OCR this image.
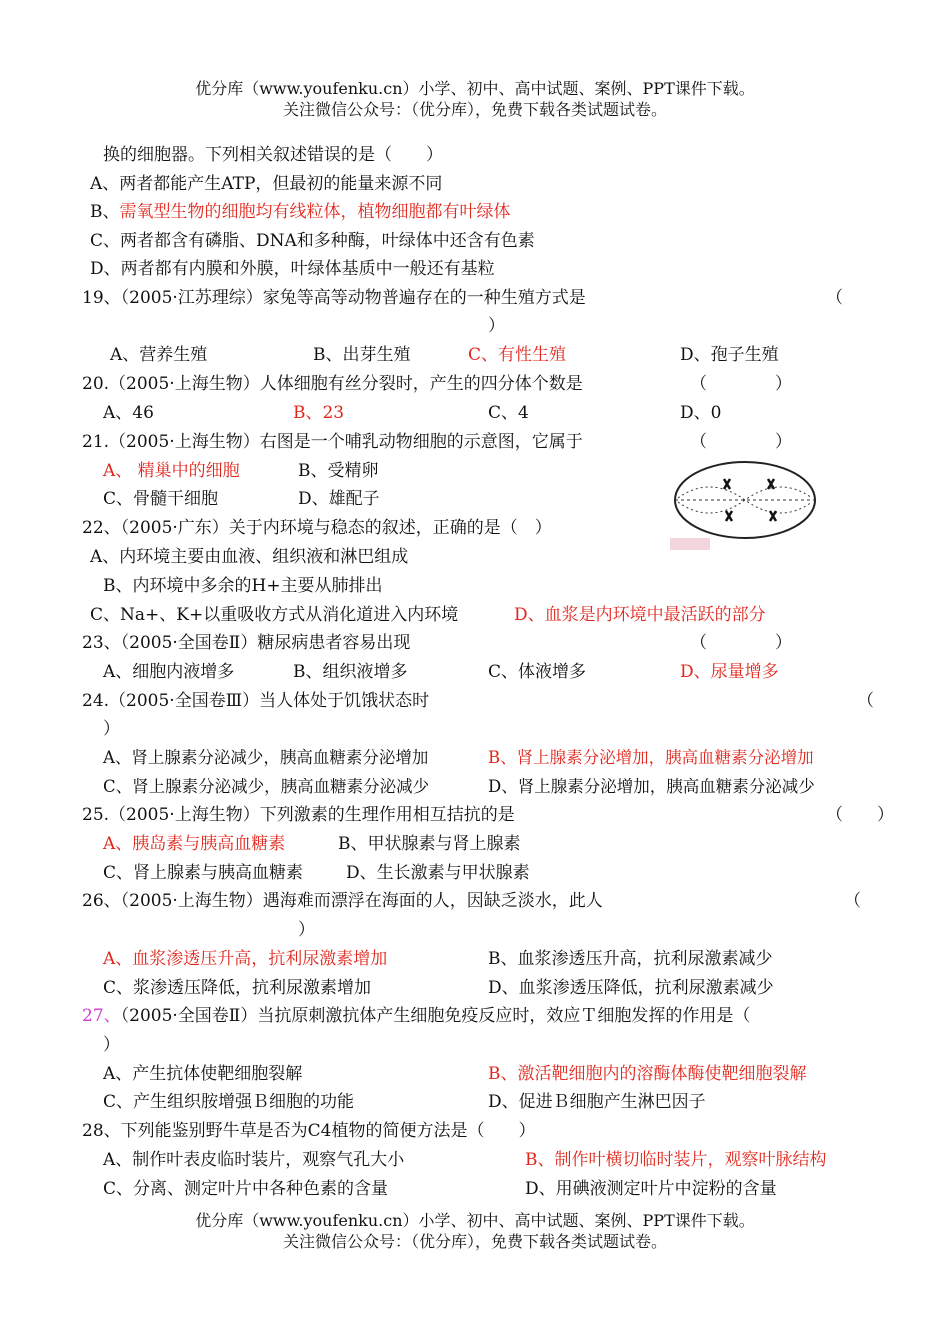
优分库（www.youfenku.cn）小学、初中、高中试题、案例、PPT课件下载。
关注微信公众号：（优分库），免费下载各类试题试卷。
换的细胞器。下列相关叙述错误的是（　　）
A、两者都能产生ATP，但最初的能量来源不同
B、需氧型生物的细胞均有线粒体，植物细胞都有叶绿体
C、两者都含有磷脂、DNA和多种酶，叶绿体中还含有色素
D、两者都有内膜和外膜，叶绿体基质中一般还有基粒
19、（2005·江苏理综）家兔等高等动物普遍存在的一种生殖方式是	（
）
A、营养生殖	B、出芽生殖	C、有性生殖	D、孢子生殖
20.（2005·上海生物）人体细胞有丝分裂时，产生的四分体个数是	（　　　　）
A、46	B、23	C、4	D、0
21.（2005·上海生物）右图是一个哺乳动物细胞的示意图，它属于	（　　　　）
A、 精巢中的细胞	B、受精卵
C、骨髓干细胞	D、雄配子
22、（2005·广东）关于内环境与稳态的叙述，正确的是（　）
A、内环境主要由血液、组织液和淋巴组成
B、内环境中多余的H+主要从肺排出
C、Na+、K+以重吸收方式从消化道进入内环境	D、血浆是内环境中最活跃的部分
23、（2005·全国卷Ⅱ）糖尿病患者容易出现	（　　　　）
A、细胞内液增多	B、组织液增多	C、体液增多	D、尿量增多
24.（2005·全国卷Ⅲ）当人体处于饥饿状态时	（
）
A、肾上腺素分泌减少，胰高血糖素分泌增加	B、肾上腺素分泌增加，胰高血糖素分泌增加
C、肾上腺素分泌减少，胰高血糖素分泌减少	D、肾上腺素分泌增加，胰高血糖素分泌减少
25.（2005·上海生物）下列激素的生理作用相互拮抗的是	（　　）
A、胰岛素与胰高血糖素	B、甲状腺素与肾上腺素
C、肾上腺素与胰高血糖素	D、生长激素与甲状腺素
26、（2005·上海生物）遇海难而漂浮在海面的人，因缺乏淡水，此人	（
）
A、血浆渗透压升高，抗利尿激素增加	B、血浆渗透压升高，抗利尿激素减少
C、浆渗透压降低，抗利尿激素增加	D、血浆渗透压降低，抗利尿激素减少
27、（2005·全国卷Ⅱ）当抗原刺激抗体产生细胞免疫反应时，效应Ｔ细胞发挥的作用是（
）
A、产生抗体使靶细胞裂解	B、激活靶细胞内的溶酶体酶使靶细胞裂解
C、产生组织胺增强Ｂ细胞的功能	D、促进Ｂ细胞产生淋巴因子
28、下列能鉴别野牛草是否为C4植物的简便方法是（　　）
A、制作叶表皮临时装片，观察气孔大小	B、制作叶横切临时装片，观察叶脉结构
C、分离、测定叶片中各种色素的含量	D、用碘液测定叶片中淀粉的含量
优分库（www.youfenku.cn）小学、初中、高中试题、案例、PPT课件下载。
关注微信公众号：（优分库），免费下载各类试题试卷。
